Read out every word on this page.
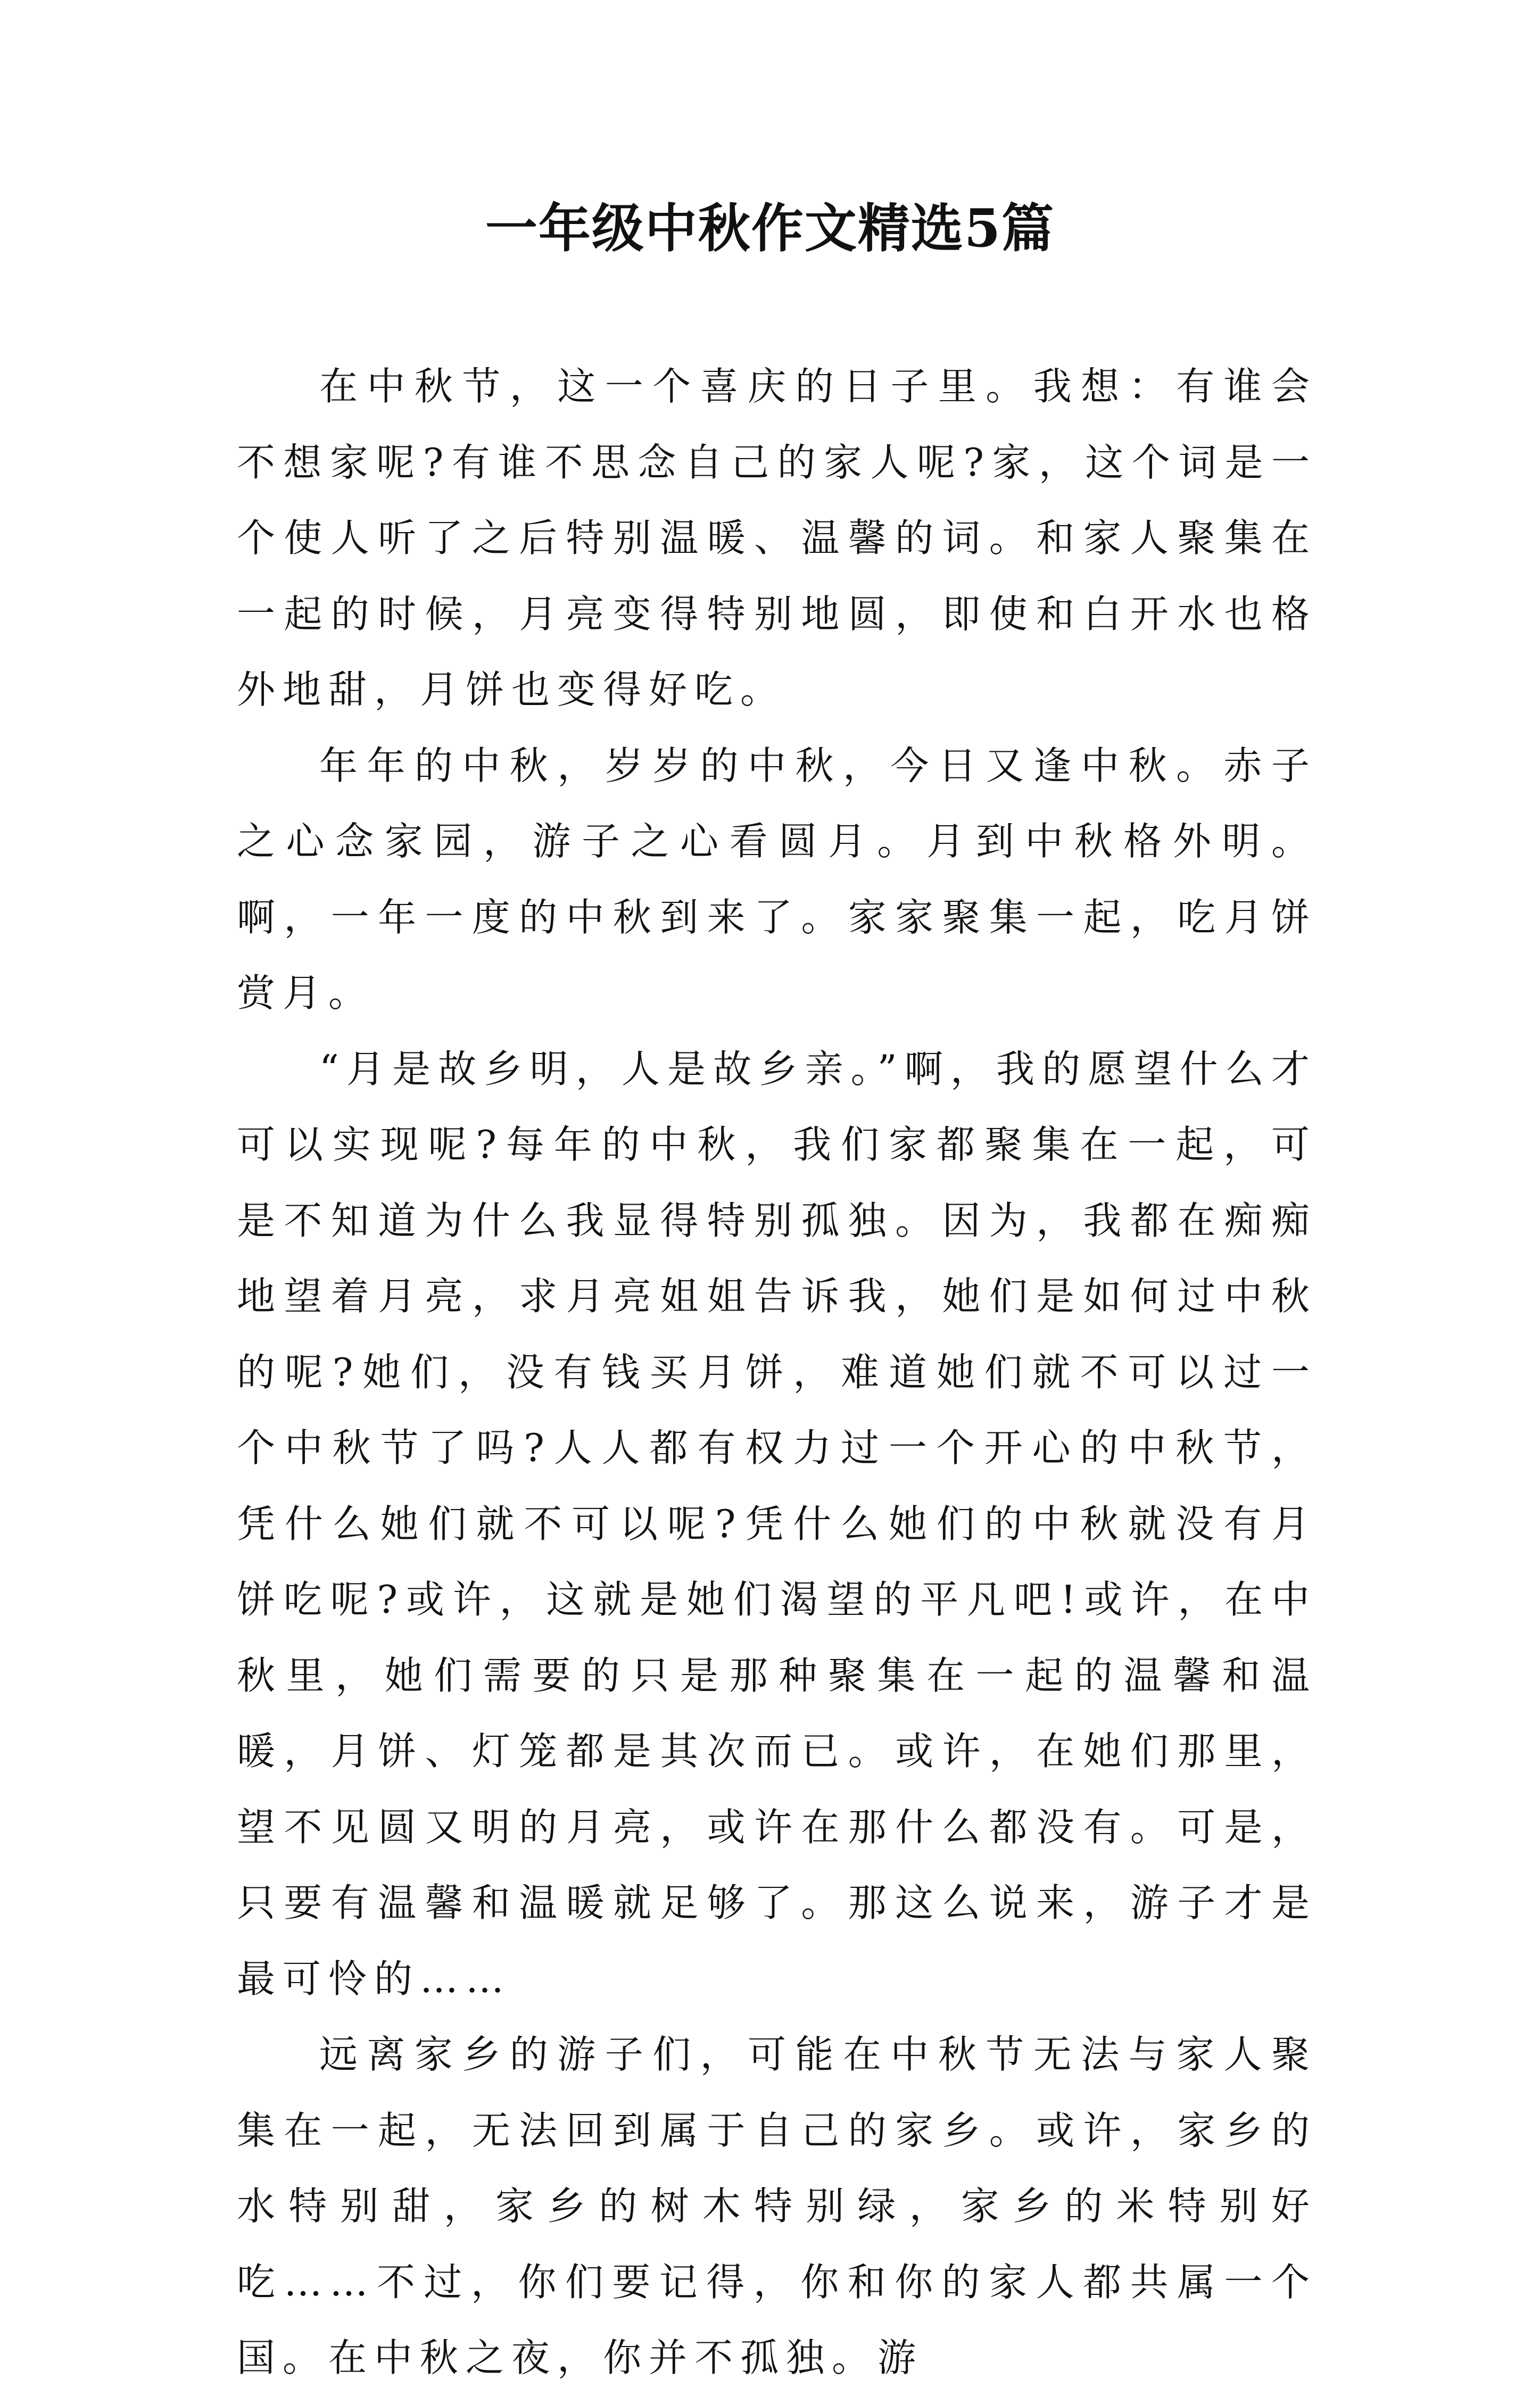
一年级中秋作文精选5篇

在中秋节，这一个喜庆的日子里。我想：有谁会不想家呢?有谁不思念自己的家人呢?家，这个词是一个使人听了之后特别温暖、温馨的词。和家人聚集在一起的时候，月亮变得特别地圆，即使和白开水也格外地甜，月饼也变得好吃。

年年的中秋，岁岁的中秋，今日又逢中秋。赤子之心念家园，游子之心看圆月。月到中秋格外明。啊，一年一度的中秋到来了。家家聚集一起，吃月饼赏月。

“月是故乡明，人是故乡亲。”啊，我的愿望什么才可以实现呢?每年的中秋，我们家都聚集在一起，可是不知道为什么我显得特别孤独。因为，我都在痴痴地望着月亮，求月亮姐姐告诉我，她们是如何过中秋的呢?她们，没有钱买月饼，难道她们就不可以过一个中秋节了吗?人人都有权力过一个开心的中秋节，凭什么她们就不可以呢?凭什么她们的中秋就没有月饼吃呢?或许，这就是她们渴望的平凡吧!或许，在中秋里，她们需要的只是那种聚集在一起的温馨和温暖，月饼、灯笼都是其次而已。或许，在她们那里，望不见圆又明的月亮，或许在那什么都没有。可是，只要有温馨和温暖就足够了。那这么说来，游子才是最可怜的……

远离家乡的游子们，可能在中秋节无法与家人聚集在一起，无法回到属于自己的家乡。或许，家乡的水特别甜，家乡的树木特别绿，家乡的米特别好吃……不过，你们要记得，你和你的家人都共属一个国。在中秋之夜，你并不孤独。游
